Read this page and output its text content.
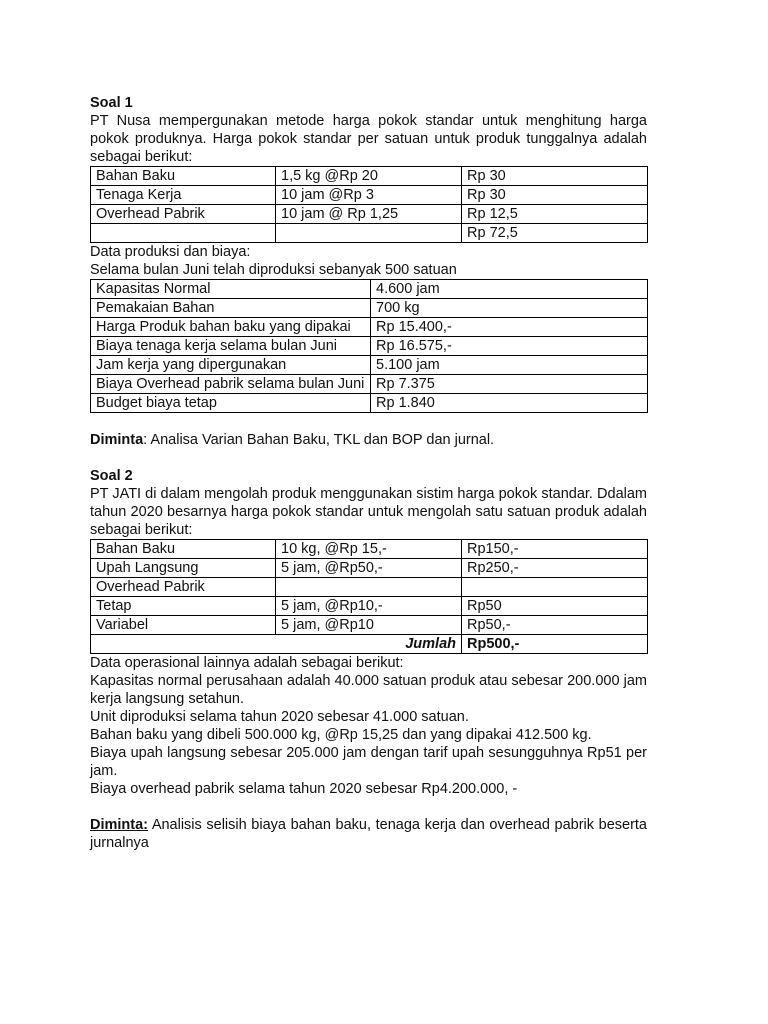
Soal 1

PT Nusa mempergunakan metode harga pokok standar untuk menghitung harga pokok produknya. Harga pokok standar per satuan untuk produk tunggalnya adalah sebagai berikut:

Bahan Baku	1,5 kg @Rp 20	Rp 30
Tenaga Kerja	10 jam @Rp 3	Rp 30
Overhead Pabrik	10 jam @ Rp 1,25	Rp 12,5
		Rp 72,5

Data produksi dan biaya:

Selama bulan Juni telah diproduksi sebanyak 500 satuan

Kapasitas Normal	4.600 jam
Pemakaian Bahan	700 kg
Harga Produk bahan baku yang dipakai	Rp 15.400,-
Biaya tenaga kerja selama bulan Juni	Rp 16.575,-
Jam kerja yang dipergunakan	5.100 jam
Biaya Overhead pabrik selama bulan Juni	Rp 7.375
Budget biaya tetap	Rp 1.840

Diminta: Analisa Varian Bahan Baku, TKL dan BOP dan jurnal.

Soal 2

PT JATI di dalam mengolah produk menggunakan sistim harga pokok standar. Ddalam tahun 2020 besarnya harga pokok standar untuk mengolah satu satuan produk adalah sebagai berikut:

Bahan Baku	10 kg, @Rp 15,-	Rp150,-
Upah Langsung	5 jam, @Rp50,-	Rp250,-
Overhead Pabrik		
Tetap	5 jam, @Rp10,-	Rp50
Variabel	5 jam, @Rp10	Rp50,-
Jumlah		Rp500,-

Data operasional lainnya adalah sebagai berikut:

Kapasitas normal perusahaan adalah 40.000 satuan produk atau sebesar 200.000 jam kerja langsung setahun.

Unit diproduksi selama tahun 2020 sebesar 41.000 satuan.

Bahan baku yang dibeli 500.000 kg, @Rp 15,25 dan yang dipakai 412.500 kg.

Biaya upah langsung sebesar 205.000 jam dengan tarif upah sesungguhnya Rp51 per jam.

Biaya overhead pabrik selama tahun 2020 sebesar Rp4.200.000, -

Diminta: Analisis selisih biaya bahan baku, tenaga kerja dan overhead pabrik beserta jurnalnya
